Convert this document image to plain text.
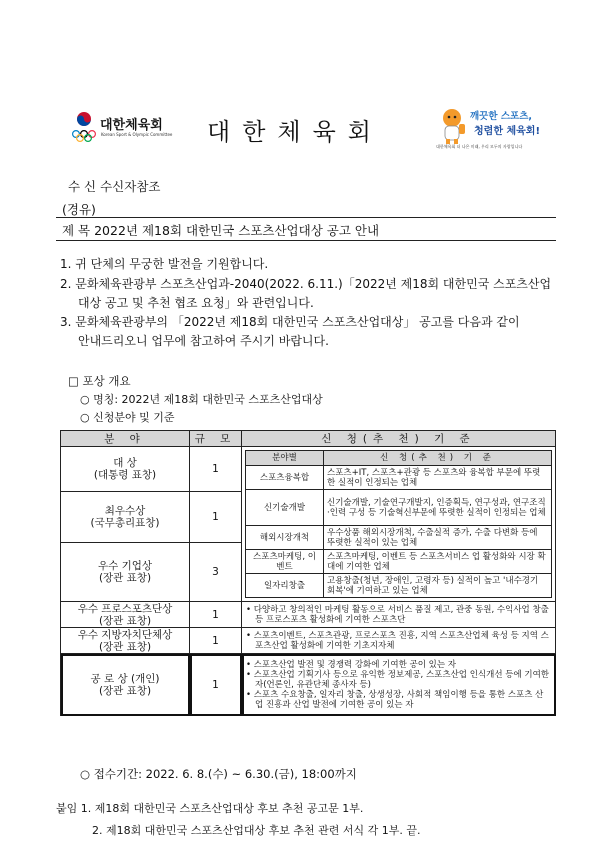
대한체육회
Korean Sport & Olympic Committee	대한체육회
깨끗한 스포츠,
청렴한 체육회!
대한체육회 더 나은 미래, 우리 모두의 자랑입니다
수 신 수신자참조
(경유)
제 목 2022년 제18회 대한민국 스포츠산업대상 공고 안내
1. 귀 단체의 무궁한 발전을 기원합니다.
2. 문화체육관광부 스포츠산업과-2040(2022. 6.11.)「2022년 제18회 대한민국 스포츠산업
대상 공고 및 추천 협조 요청」와 관련입니다.
3. 문화체육관광부의 「2022년 제18회 대한민국 스포츠산업대상」 공고를 다음과 같이
안내드리오니 업무에 참고하여 주시기 바랍니다.
□ 포상 개요
○ 명칭: 2022년 제18회 대한민국 스포츠산업대상
○ 신청분야 및 기준
분 야	규 모	신 청(추 천) 기 준

대 상
(대통령 표창)	1	
분야별	신 청(추 천) 기 준
스포츠융복합	스포츠+IT, 스포츠+관광 등 스포츠와 융복합 부문에 뚜렷한 실적이 인정되는 업체
신기술개발	신기술개발, 기술연구개발지, 인증획득, 연구성과, 연구조직·인력 구성 등 기술혁신부문에 뚜렷한 실적이 인정되는 업체
해외시장개척	우수상품 해외시장개척, 수출실적 증가, 수출 다변화 등에 뚜렷한 실적이 있는 업체
스포츠마케팅, 이벤트	스포츠마케팅, 이벤트 등 스포츠서비스 업 활성화와 시장 확대에 기여한 업체
일자리창출	고용창출(청년, 장애인, 고령자 등) 실적이 높고 '내수경기 회복'에 기여하고 있는 업체

최우수상
(국무총리표창)	1

우수 기업상
(장관 표창)	3

우수 프로스포츠단상
(장관 표창)	1	• 다양하고 창의적인 마케팅 활동으로 서비스 품질 제고, 관중 동원, 수익사업 창출 등 프로스포츠 활성화에 기여한 스포츠단

우수 지방자치단체상
(장관 표창)	1	• 스포츠이벤트, 스포츠관광, 프로스포츠 진흥, 지역 스포츠산업체 육성 등 지역 스포츠산업 활성화에 기여한 기초지자체

공 로 상 (개인)
(장관 표창)	1	
• 스포츠산업 발전 및 경쟁력 강화에 기여한 공이 있는 자
• 스포츠산업 기획기사 등으로 유익한 정보제공, 스포츠산업 인식개선 등에 기여한 자(언론인, 유관단체 종사자 등)
• 스포츠 수요창출, 일자리 창출, 상생성장, 사회적 책임이행 등을 통한 스포츠 산업 진흥과 산업 발전에 기여한 공이 있는 자
○ 접수기간: 2022. 6. 8.(수) ~ 6.30.(금), 18:00까지
붙임 1. 제18회 대한민국 스포츠산업대상 후보 추천 공고문 1부.
2. 제18회 대한민국 스포츠산업대상 후보 추천 관련 서식 각 1부. 끝.
